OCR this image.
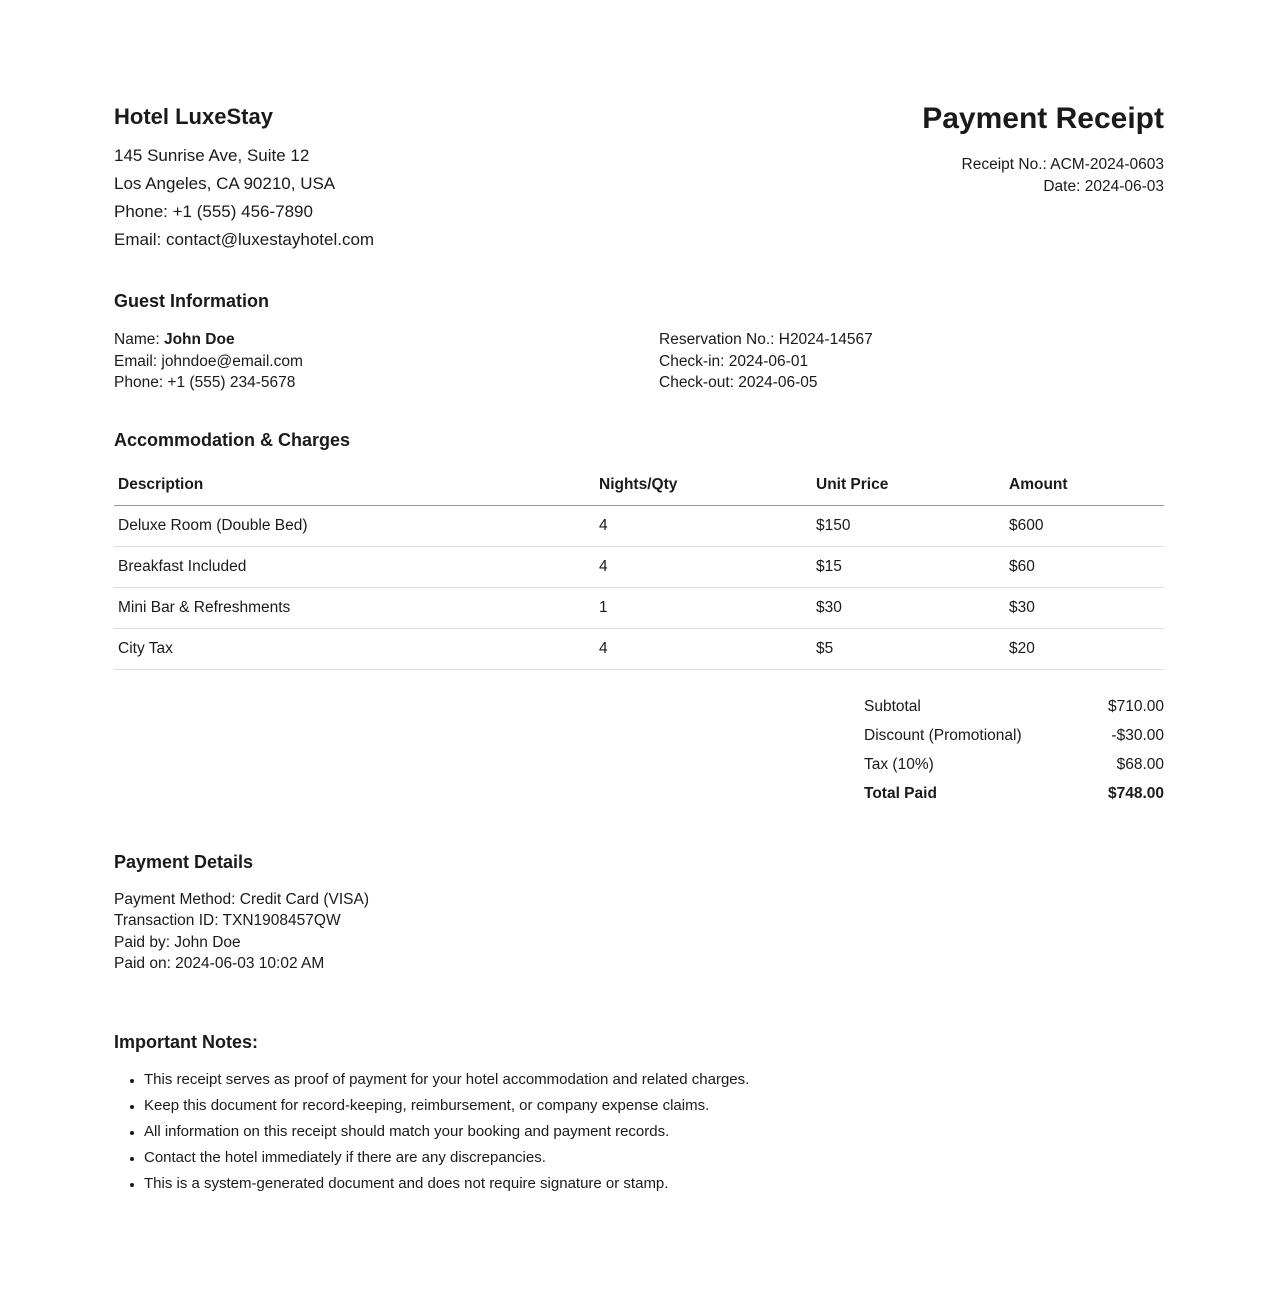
Hotel LuxeStay
145 Sunrise Ave, Suite 12
Los Angeles, CA 90210, USA
Phone: +1 (555) 456-7890
Email: contact@luxestayhotel.com
Payment Receipt
Receipt No.: ACM-2024-0603
Date: 2024-06-03
Guest Information
Name: John Doe
Email: johndoe@email.com
Phone: +1 (555) 234-5678
Reservation No.: H2024-14567
Check-in: 2024-06-01
Check-out: 2024-06-05
Accommodation & Charges
Description	Nights/Qty	Unit Price	Amount
Deluxe Room (Double Bed)	4	$150	$600
Breakfast Included	4	$15	$60
Mini Bar & Refreshments	1	$30	$30
City Tax	4	$5	$20
Subtotal	$710.00
Discount (Promotional)	-$30.00
Tax (10%)	$68.00
Total Paid	$748.00
Payment Details
Payment Method: Credit Card (VISA)
Transaction ID: TXN1908457QW
Paid by: John Doe
Paid on: 2024-06-03 10:02 AM
Important Notes:
• This receipt serves as proof of payment for your hotel accommodation and related charges.
• Keep this document for record-keeping, reimbursement, or company expense claims.
• All information on this receipt should match your booking and payment records.
• Contact the hotel immediately if there are any discrepancies.
• This is a system-generated document and does not require signature or stamp.
